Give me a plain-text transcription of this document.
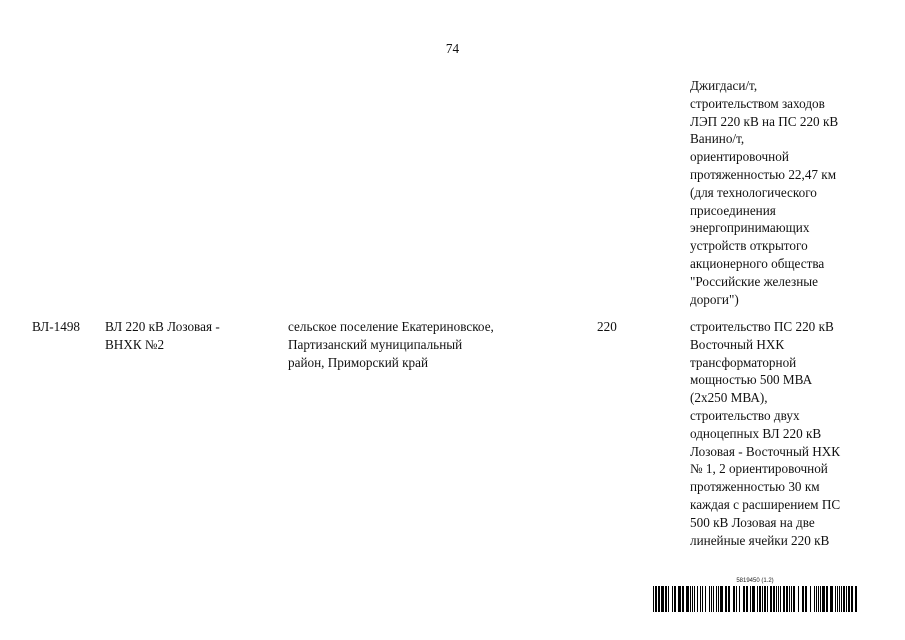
74
Джигдаси/т,
строительством заходов
ЛЭП 220 кВ на ПС 220 кВ
Ванино/т,
ориентировочной
протяженностью 22,47 км
(для технологического
присоединения
энергопринимающих
устройств открытого
акционерного общества
"Российские железные
дороги")
ВЛ-1498	ВЛ 220 кВ Лозовая -
ВНХК №2
сельское поселение Екатериновское,
Партизанский муниципальный
район, Приморский край
220	строительство ПС 220 кВ
Восточный НХК
трансформаторной
мощностью 500 МВА
(2x250 МВА),
строительство двух
одноцепных ВЛ 220 кВ
Лозовая - Восточный НХК
№ 1, 2 ориентировочной
протяженностью 30 км
каждая с расширением ПС
500 кВ Лозовая на две
линейные ячейки 220 кВ
5819450 (1.2)
